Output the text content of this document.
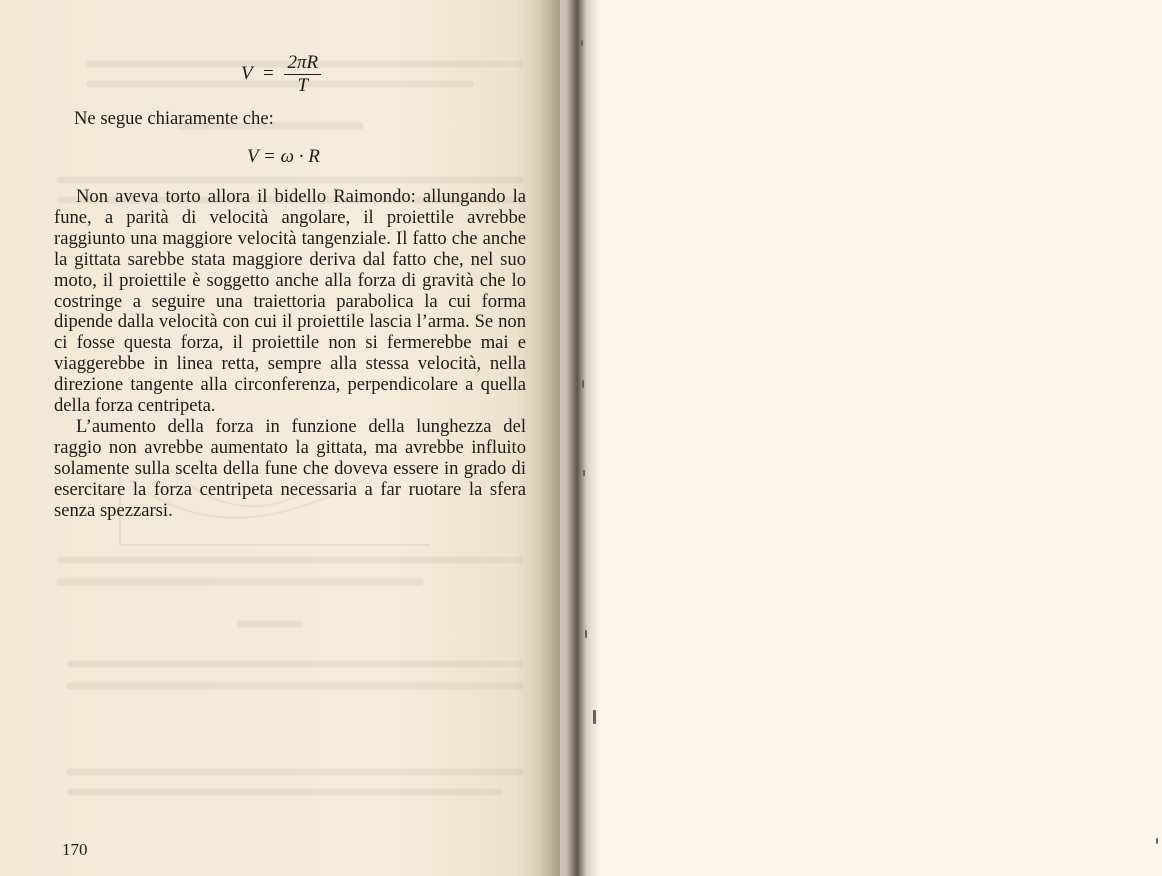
$V = \frac{2\pi R}{T}$
Ne segue chiaramente che:
V = ω · R

Non aveva torto allora il bidello Raimondo: allungando la fune, a parità di velocità angolare, il proiettile avrebbe raggiunto una maggiore velocità tangenziale. Il fatto che anche la gittata sarebbe stata maggiore deriva dal fatto che, nel suo moto, il proiettile è soggetto anche alla forza di gravità che lo costringe a seguire una traiettoria parabolica la cui forma dipende dalla velocità con cui il proiettile lascia l’arma. Se non ci fosse questa forza, il proiettile non si fermerebbe mai e viaggerebbe in linea retta, sempre alla stessa velocità, nella direzione tangente alla circonferenza, perpendicolare a quella della forza centripeta.

L’aumento della forza in funzione della lunghezza del raggio non avrebbe aumentato la gittata, ma avrebbe influito solamente sulla scelta della fune che doveva essere in grado di esercitare la forza centripeta necessaria a far ruotare la sfera senza spezzarsi.

170
